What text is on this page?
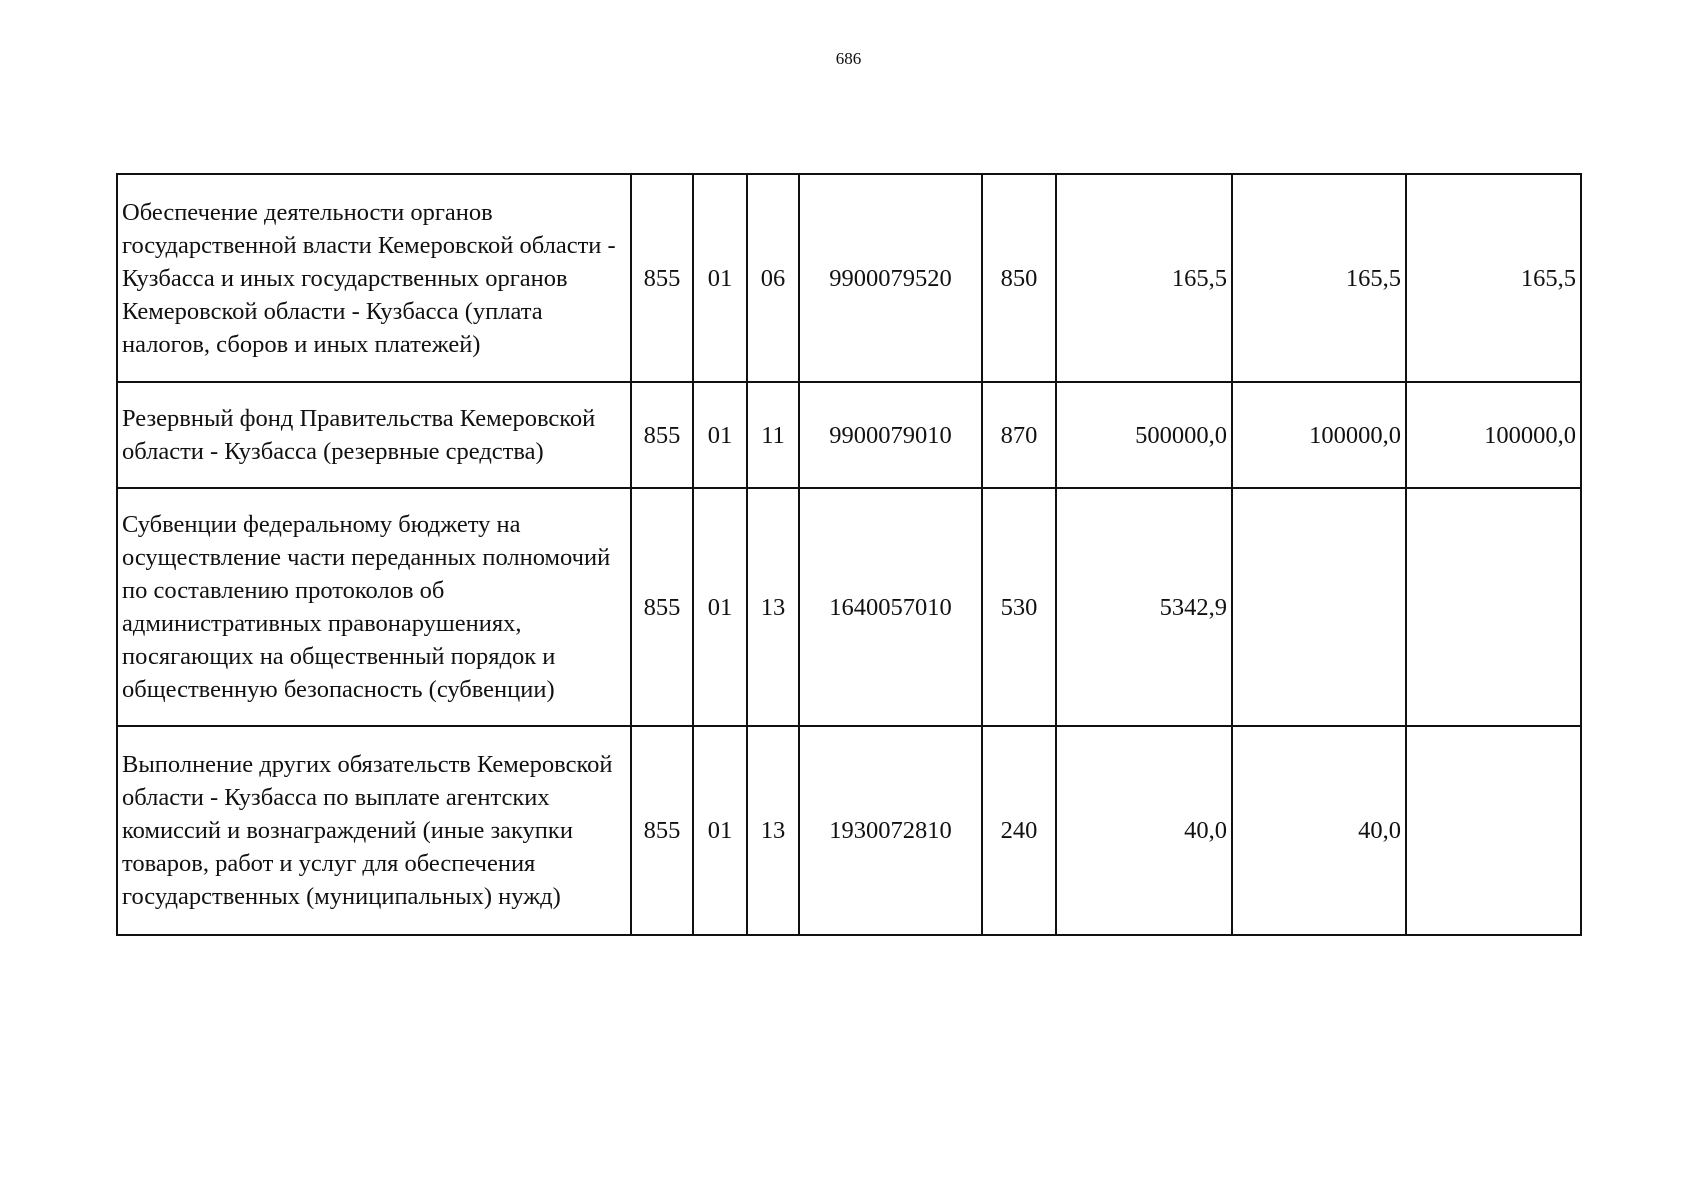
686
Обеспечение деятельности органов государственной власти Кемеровской области - Кузбасса и иных государственных органов Кемеровской области - Кузбасса (уплата налогов, сборов и иных платежей)	855	01	06	9900079520	850	165,5	165,5	165,5
Резервный фонд Правительства Кемеровской области - Кузбасса (резервные средства)	855	01	11	9900079010	870	500000,0	100000,0	100000,0
Субвенции федеральному бюджету на осуществление части переданных полномочий по составлению протоколов об административных правонарушениях, посягающих на общественный порядок и общественную безопасность (субвенции)	855	01	13	1640057010	530	5342,9		
Выполнение других обязательств Кемеровской области - Кузбасса по выплате агентских комиссий и вознаграждений (иные закупки товаров, работ и услуг для обеспечения государственных (муниципальных) нужд)	855	01	13	1930072810	240	40,0	40,0	
